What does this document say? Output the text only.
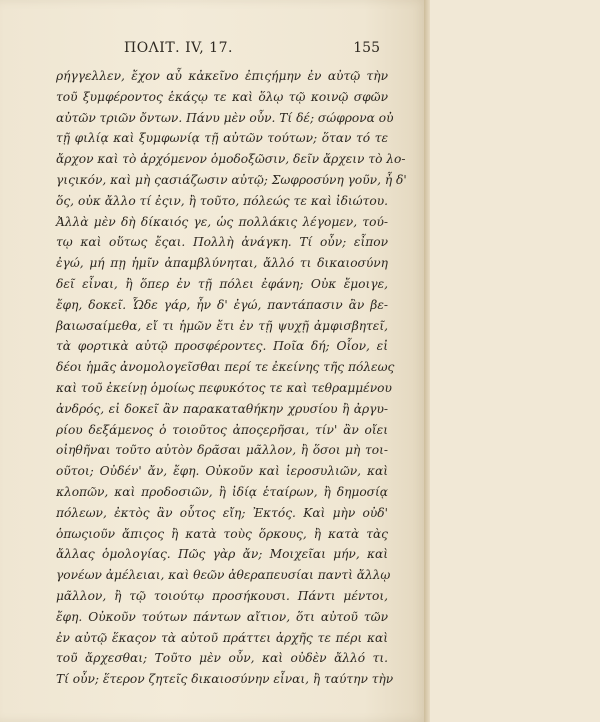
ΠΟΛΙΤ. IV, 17.	155
ρήγγελλεν, ἔχον αὖ κἀκεῖνο ἐπιςήμην ἐν αὐτῷ τὴν
τοῦ ξυμφέροντος ἑκάςῳ τε καὶ ὅλῳ τῷ κοινῷ σφῶν
αὐτῶν τριῶν ὄντων. Πάνυ μὲν οὖν. Τί δέ; σώφρονα οὐ
τῇ φιλίᾳ καὶ ξυμφωνίᾳ τῇ αὐτῶν τούτων; ὅταν τό τε
ἄρχον καὶ τὸ ἀρχόμενον ὁμοδοξῶσιν, δεῖν ἄρχειν τὸ λο-
γιςικόν, καὶ μὴ ςασιάζωσιν αὐτῷ; Σωφροσύνη γοῦν, ἦ δ'
ὅς, οὐκ ἄλλο τί ἐςιν, ἢ τοῦτο, πόλεώς τε καὶ ἰδιώτου.
Ἀλλὰ μὲν δὴ δίκαιός γε, ὡς πολλάκις λέγομεν, τού-
τῳ καὶ οὕτως ἔςαι. Πολλὴ ἀνάγκη. Τί οὖν; εἶπον
ἐγώ, μή πῃ ἡμῖν ἀπαμβλύνηται, ἄλλό τι δικαιοσύνη
δεῖ εἶναι, ἢ ὅπερ ἐν τῇ πόλει ἐφάνη; Οὐκ ἔμοιγε,
ἔφη, δοκεῖ. Ὧδε γάρ, ἦν δ' ἐγώ, παντάπασιν ἂν βε-
βαιωσαίμεθα, εἴ τι ἡμῶν ἔτι ἐν τῇ ψυχῇ ἀμφισβητεῖ,
τὰ φορτικὰ αὐτῷ προσφέροντες. Ποῖα δή; Οἷον, εἰ
δέοι ἡμᾶς ἀνομολογεῖσθαι περί τε ἐκείνης τῆς πόλεως
καὶ τοῦ ἐκείνῃ ὁμοίως πεφυκότος τε καὶ τεθραμμένου
ἀνδρός, εἰ δοκεῖ ἂν παρακαταθήκην χρυσίου ἢ ἀργυ-
ρίου δεξάμενος ὁ τοιοῦτος ἀποςερῆσαι, τίν' ἂν οἴει
οἰηθῆναι τοῦτο αὐτὸν δρᾶσαι μᾶλλον, ἢ ὅσοι μὴ τοι-
οῦτοι; Οὐδέν' ἄν, ἔφη. Οὐκοῦν καὶ ἱεροσυλιῶν, καὶ
κλοπῶν, καὶ προδοσιῶν, ἢ ἰδίᾳ ἑταίρων, ἢ δημοσίᾳ
πόλεων, ἐκτὸς ἂν οὗτος εἴη; Ἐκτός. Καὶ μὴν οὐδ'
ὁπωςιοῦν ἄπιςος ἢ κατὰ τοὺς ὅρκους, ἢ κατὰ τὰς
ἄλλας ὁμολογίας. Πῶς γὰρ ἄν; Μοιχεῖαι μήν, καὶ
γονέων ἀμέλειαι, καὶ θεῶν ἀθεραπευσίαι παντὶ ἄλλῳ
μᾶλλον, ἢ τῷ τοιούτῳ προσήκουσι. Πάντι μέντοι,
ἔφη. Οὐκοῦν τούτων πάντων αἴτιον, ὅτι αὐτοῦ τῶν
ἐν αὐτῷ ἕκαςον τὰ αὑτοῦ πράττει ἀρχῆς τε πέρι καὶ
τοῦ ἄρχεσθαι; Τοῦτο μὲν οὖν, καὶ οὐδὲν ἄλλό τι.
Τί οὖν; ἕτερον ζητεῖς δικαιοσύνην εἶναι, ἢ ταύτην τὴν
